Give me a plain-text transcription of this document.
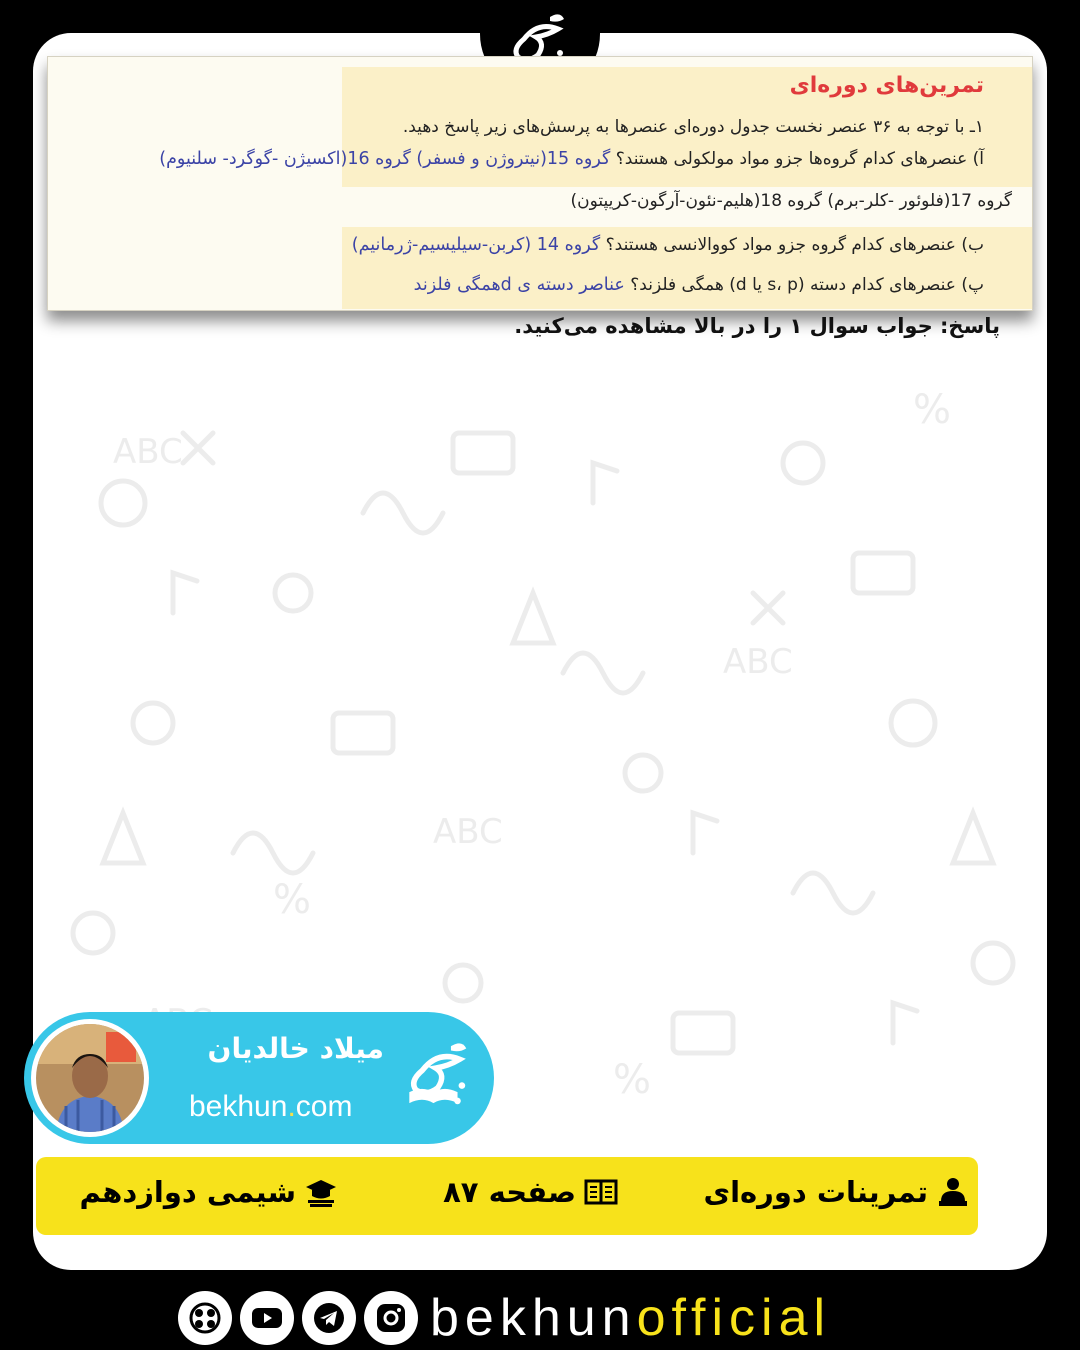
%
%
%
ABC
ABC
ABC
تمرین‌های دوره‌ای
۱ـ با توجه به ۳۶ عنصر نخست جدول دوره‌ای عنصرها به پرسش‌های زیر پاسخ دهید.
آ) عنصرهای کدام گروه‌ها جزو مواد مولکولی هستند؟ گروه 15(نیتروژن و فسفر) گروه 16(اکسیژن -گوگرد- سلنیوم)
گروه 17(فلوئور -کلر-برم) گروه 18(هلیم-نئون-آرگون-کریپتون)
ب) عنصرهای کدام گروه جزو مواد کووالانسی هستند؟ گروه 14 (کربن-سیلیسیم-ژرمانیم)
پ) عنصرهای کدام دسته (s، p یا d) همگی فلزند؟ عناصر دسته ی dهمگی فلزند
پاسخ: جواب سوال ۱ را در بالا مشاهده می‌کنید.
میلاد خالدیان
bekhun.com
تمرینات دوره‌ای
صفحه ۸۷
شیمی دوازدهم
bekhunofficial
